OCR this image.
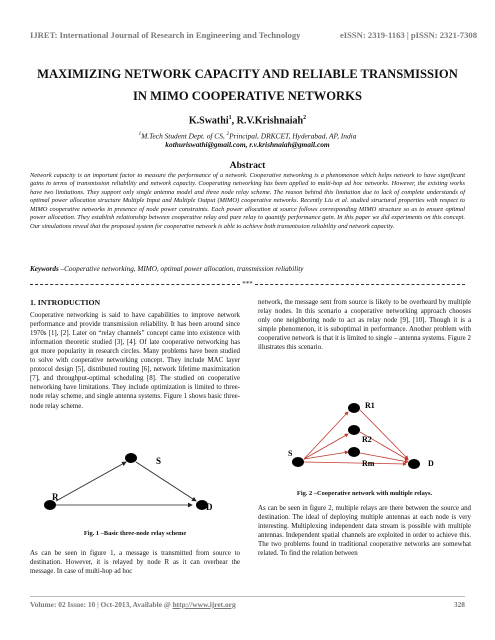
IJRET: International Journal of Research in Engineering and Technology	eISSN: 2319-1163 | pISSN: 2321-7308
MAXIMIZING NETWORK CAPACITY AND RELIABLE TRANSMISSION
IN MIMO COOPERATIVE NETWORKS
K.Swathi$^1$, R.V.Krishnaiah$^2$
$^1$M.Tech Student Dept. of CS, $^2$Principal, DRKCET, Hyderabad, AP, India
kothuriswathi@gmail.com, r.v.krishnaiah@gmail.com
Abstract
Network capacity is an important factor to measure the performance of a network. Cooperative networking is a phenomenon which helps network to have significant gains in terms of transmission reliability and network capacity. Cooperating networking has been applied to multi-hop ad hoc networks. However, the existing works have two limitations. They support only single antenna model and three node relay scheme. The reason behind this limitation due to lack of complete understands of optimal power allocation structure Multiple Input and Multiple Output (MIMO) cooperative networks. Recently Liu et al. studied structural properties with respect to MIMO cooperative networks in presence of node power constraints. Each power allocation at source follows corresponding MIMO structure so as to ensure optimal power allocation. They establish relationship between cooperative relay and pure relay to quantify performance gain. In this paper we did experiments on this concept. Our simulations reveal that the proposed system for cooperative network is able to achieve both transmission reliability and network capacity.
Keywords –Cooperative networking, MIMO, optimal power allocation, transmission reliability
***
1. INTRODUCTION
Cooperative networking is said to have capabilities to improve network performance and provide transmission reliability. It has been around since 1970s [1], [2]. Later on “relay channels” concept came into existence with information theoretic studied [3], [4]. Of late cooperative networking has got more popularity in research circles. Many problems have been studied to solve with cooperative networking concept. They include MAC layer protocol design [5], distributed routing [6], network lifetime maximization [7], and throughput-optimal scheduling [8]. The studied on cooperative networking have limitations. They include optimization is limited to three-node relay scheme, and single antenna systems. Figure 1 shows basic three-node relay scheme.
S
R
D
Fig. 1 –Basic three-node relay scheme
As can be seen in figure 1, a message is transmitted from source to destination. However, it is relayed by node R as it can overhear the message. In case of multi-hop ad hoc
network, the message sent from source is likely to be overheard by multiple relay nodes. In this scenario a cooperative networking approach chooses only one neighboring node to act as relay node [9], [10]. Though it is a simple phenomenon, it is suboptimal in performance. Another problem with cooperative network is that it is limited to single – antenna systems. Figure 2 illustrates this scenario.
R1
R2
Rm
S
D
Fig. 2 –Cooperative network with multiple relays.
As can be seen in figure 2, multiple relays are there between the source and destination. The ideal of deploying multiple antennas at each node is very interesting. Multiplexing independent data stream is possible with multiple antennas. Independent spatial channels are exploited in order to achieve this. The two problems found in traditional cooperative networks are somewhat related. To find the relation between
Volume: 02 Issue: 10 | Oct-2013, Available @ http://www.ijret.org	328
